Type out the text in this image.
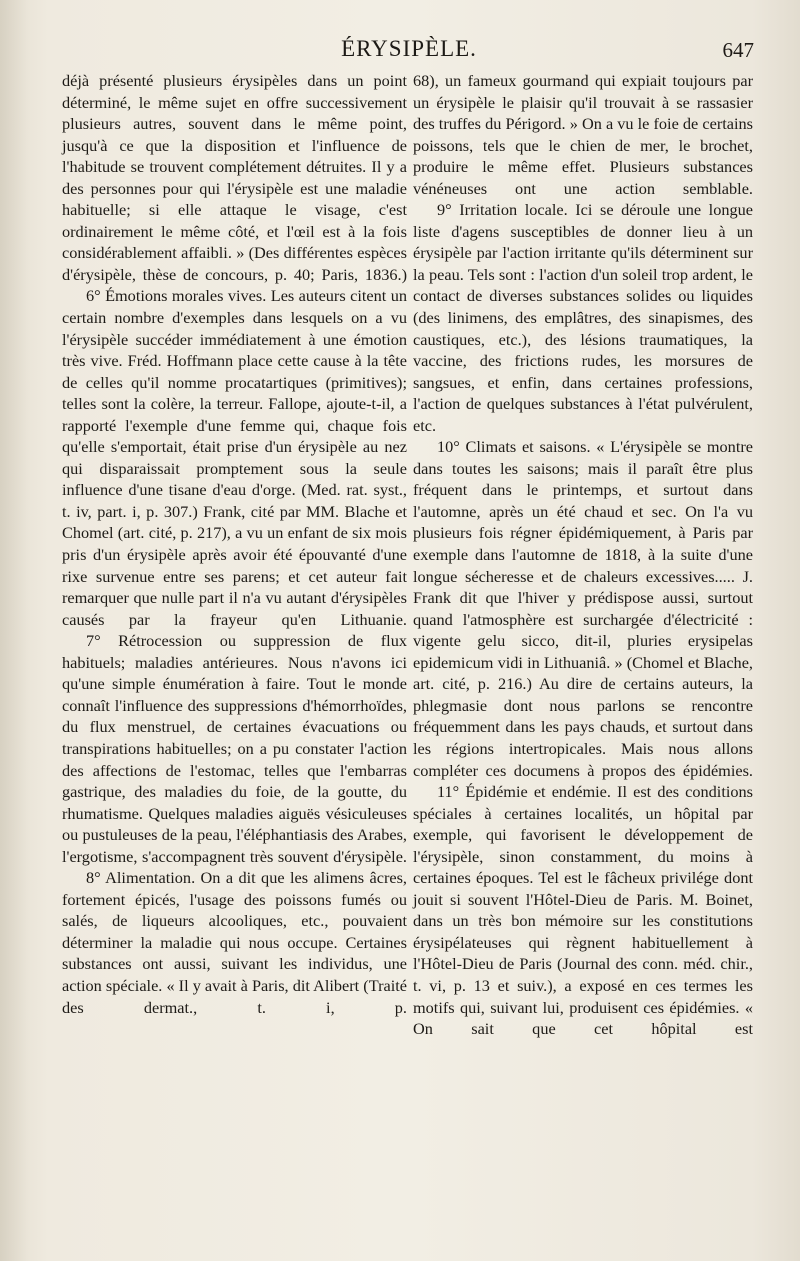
ÉRYSIPÈLE.	647

déjà présenté plusieurs érysipèles dans un point déterminé, le même sujet en offre successivement plusieurs autres, souvent dans le même point, jusqu'à ce que la disposition et l'influence de l'habitude se trouvent complétement détruites. Il y a des personnes pour qui l'érysipèle est une maladie habituelle; si elle attaque le visage, c'est ordinairement le même côté, et l'œil est à la fois considérablement affaibli. » (Des différentes espèces d'érysipèle, thèse de concours, p. 40; Paris, 1836.)

6° Émotions morales vives. Les auteurs citent un certain nombre d'exemples dans lesquels on a vu l'érysipèle succéder immédiatement à une émotion très vive. Fréd. Hoffmann place cette cause à la tête de celles qu'il nomme procatartiques (primitives); telles sont la colère, la terreur. Fallope, ajoute-t-il, a rapporté l'exemple d'une femme qui, chaque fois qu'elle s'emportait, était prise d'un érysipèle au nez qui disparaissait promptement sous la seule influence d'une tisane d'eau d'orge. (Med. rat. syst., t. iv, part. i, p. 307.) Frank, cité par MM. Blache et Chomel (art. cité, p. 217), a vu un enfant de six mois pris d'un érysipèle après avoir été épouvanté d'une rixe survenue entre ses parens; et cet auteur fait remarquer que nulle part il n'a vu autant d'érysipèles causés par la frayeur qu'en Lithuanie.

7° Rétrocession ou suppression de flux habituels; maladies antérieures. Nous n'avons ici qu'une simple énumération à faire. Tout le monde connaît l'influence des suppressions d'hémorrhoïdes, du flux menstruel, de certaines évacuations ou transpirations habituelles; on a pu constater l'action des affections de l'estomac, telles que l'embarras gastrique, des maladies du foie, de la goutte, du rhumatisme. Quelques maladies aiguës vésiculeuses ou pustuleuses de la peau, l'éléphantiasis des Arabes, l'ergotisme, s'accompagnent très souvent d'érysipèle.

8° Alimentation. On a dit que les alimens âcres, fortement épicés, l'usage des poissons fumés ou salés, de liqueurs alcooliques, etc., pouvaient déterminer la maladie qui nous occupe. Certaines substances ont aussi, suivant les individus, une action spéciale. « Il y avait à Paris, dit Alibert (Traité des dermat., t. i, p.

68), un fameux gourmand qui expiait toujours par un érysipèle le plaisir qu'il trouvait à se rassasier des truffes du Périgord. » On a vu le foie de certains poissons, tels que le chien de mer, le brochet, produire le même effet. Plusieurs substances vénéneuses ont une action semblable.

9° Irritation locale. Ici se déroule une longue liste d'agens susceptibles de donner lieu à un érysipèle par l'action irritante qu'ils déterminent sur la peau. Tels sont : l'action d'un soleil trop ardent, le contact de diverses substances solides ou liquides (des linimens, des emplâtres, des sinapismes, des caustiques, etc.), des lésions traumatiques, la vaccine, des frictions rudes, les morsures de sangsues, et enfin, dans certaines professions, l'action de quelques substances à l'état pulvérulent, etc.

10° Climats et saisons. « L'érysipèle se montre dans toutes les saisons; mais il paraît être plus fréquent dans le printemps, et surtout dans l'automne, après un été chaud et sec. On l'a vu plusieurs fois régner épidémiquement, à Paris par exemple dans l'automne de 1818, à la suite d'une longue sécheresse et de chaleurs excessives..... J. Frank dit que l'hiver y prédispose aussi, surtout quand l'atmosphère est surchargée d'électricité : vigente gelu sicco, dit-il, pluries erysipelas epidemicum vidi in Lithuaniâ. » (Chomel et Blache, art. cité, p. 216.) Au dire de certains auteurs, la phlegmasie dont nous parlons se rencontre fréquemment dans les pays chauds, et surtout dans les régions intertropicales. Mais nous allons compléter ces documens à propos des épidémies.

11° Épidémie et endémie. Il est des conditions spéciales à certaines localités, un hôpital par exemple, qui favorisent le développement de l'érysipèle, sinon constamment, du moins à certaines époques. Tel est le fâcheux privilége dont jouit si souvent l'Hôtel-Dieu de Paris. M. Boinet, dans un très bon mémoire sur les constitutions érysipélateuses qui règnent habituellement à l'Hôtel-Dieu de Paris (Journal des conn. méd. chir., t. vi, p. 13 et suiv.), a exposé en ces termes les motifs qui, suivant lui, produisent ces épidémies. « On sait que cet hôpital est
